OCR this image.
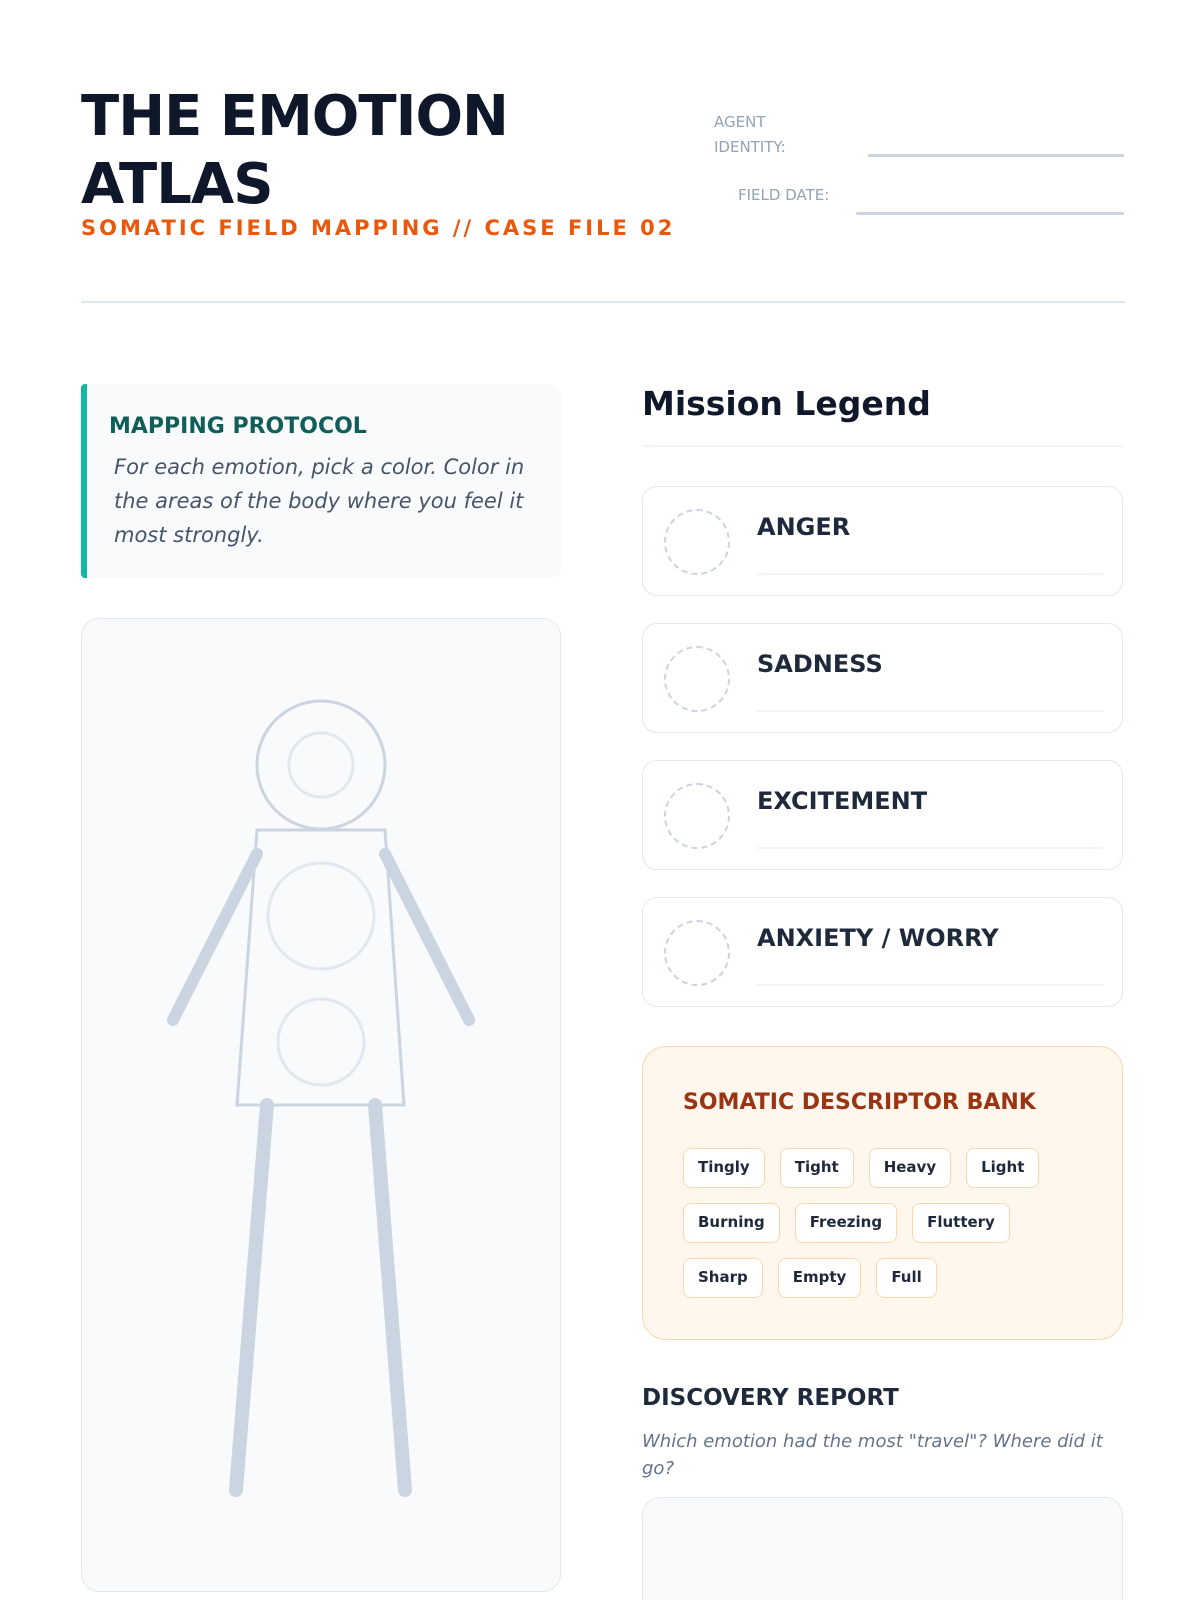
THE EMOTION ATLAS
SOMATIC FIELD MAPPING // CASE FILE 02
AGENT IDENTITY:
FIELD DATE:
MAPPING PROTOCOL
For each emotion, pick a color. Color in the areas of the body where you feel it most strongly.
Mission Legend
ANGER
SADNESS
EXCITEMENT
ANXIETY / WORRY
SOMATIC DESCRIPTOR BANK
Tingly	Tight	Heavy	Light
Burning	Freezing	Fluttery
Sharp	Empty	Full
DISCOVERY REPORT
Which emotion had the most "travel"? Where did it go?
